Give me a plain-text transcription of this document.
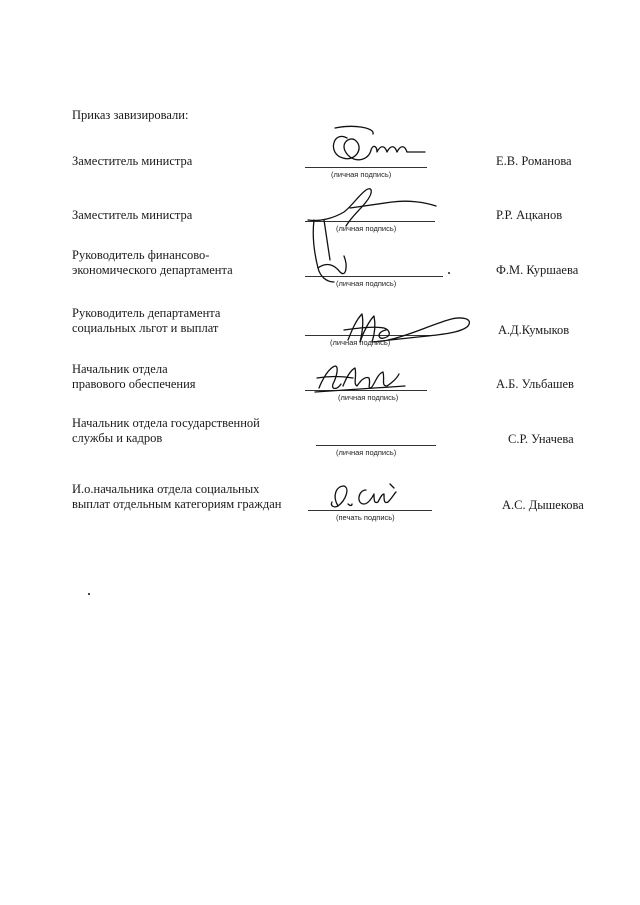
Приказ завизировали:
Заместитель министра
(личная подпись)
Е.В. Романова
Заместитель министра
(личная подпись)
Р.Р. Ацканов
Руководитель финансово-
экономического департамента
(личная подпись)
Ф.М. Куршаева
Руководитель департамента
социальных льгот и выплат
(личная подпись)
А.Д.Кумыков
Начальник отдела
правового обеспечения
(личная подпись)
А.Б. Ульбашев
Начальник отдела государственной
службы и кадров
(личная подпись)
С.Р. Уначева
И.о.начальника отдела социальных
выплат отдельным категориям граждан
(печать подпись)
А.С. Дышекова
